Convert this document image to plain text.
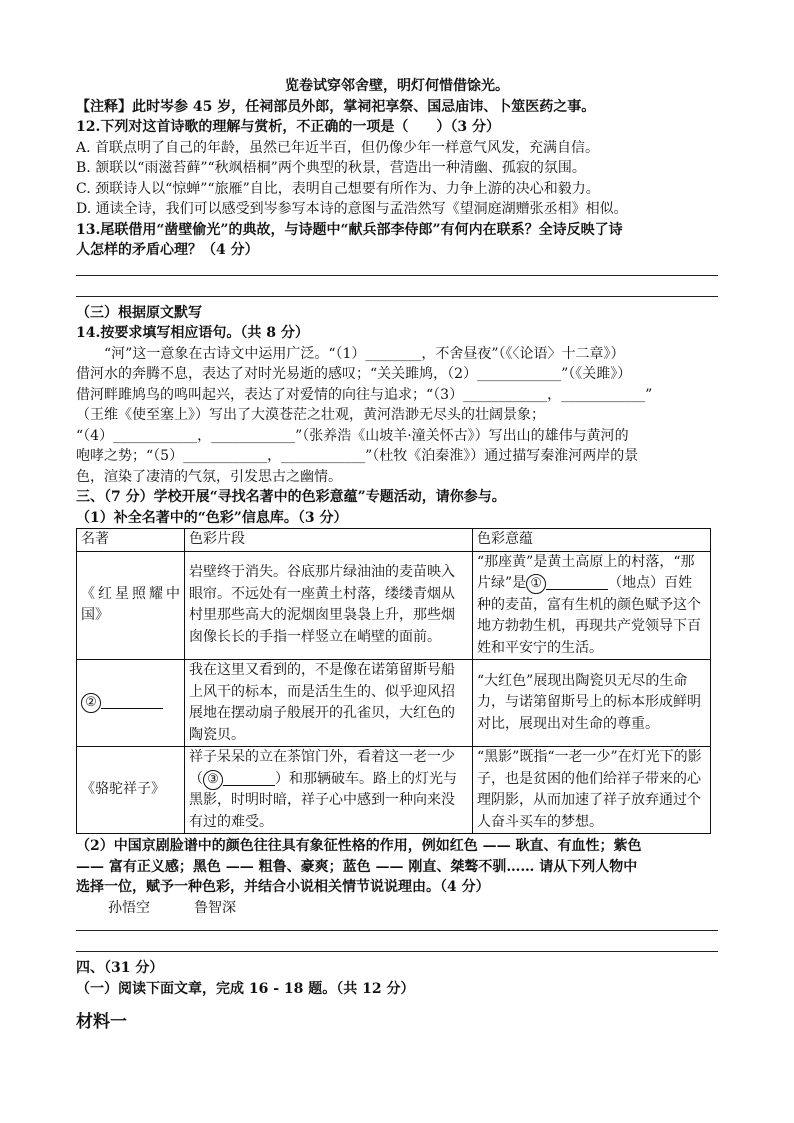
览卷试穿邻舍壁，明灯何惜借馀光。

【注释】此时岑参 45 岁，任祠部员外郎，掌祠祀享祭、国忌庙讳、卜筮医药之事。

12.下列对这首诗歌的理解与赏析，不正确的一项是（　　）（3 分）

A. 首联点明了自己的年龄，虽然已年近半百，但仍像少年一样意气风发，充满自信。

B. 颔联以“雨滋苔藓”“秋飒梧桐”两个典型的秋景，营造出一种清幽、孤寂的氛围。

C. 颈联诗人以“惊蝉”“旅雁”自比，表明自己想要有所作为、力争上游的决心和毅力。

D. 通读全诗，我们可以感受到岑参写本诗的意图与孟浩然写《望洞庭湖赠张丞相》相似。

13.尾联借用“凿壁偷光”的典故，与诗题中“献兵部李侍郎”有何内在联系？全诗反映了诗

人怎样的矛盾心理？（4 分）

（三）根据原文默写

14.按要求填写相应语句。（共 8 分）

“河”这一意象在古诗文中运用广泛。“（1）________，不舍昼夜”（《〈论语〉十二章》）

借河水的奔腾不息，表达了对时光易逝的感叹；“关关雎鸠，（2）____________”（《关雎》）

借河畔雎鸠鸟的鸣叫起兴，表达了对爱情的向往与追求；“（3）____________，____________”

（王维《使至塞上》）写出了大漠苍茫之壮观，黄河浩渺无尽头的壮阔景象；

“（4）____________，____________”（张养浩《山坡羊·潼关怀古》）写出山的雄伟与黄河的

咆哮之势；“（5）____________，____________”（杜牧《泊秦淮》）通过描写秦淮河两岸的景

色，渲染了凄清的气氛，引发思古之幽情。

三、（7 分）学校开展“寻找名著中的色彩意蕴”专题活动，请你参与。

（1）补全名著中的“色彩”信息库。（3 分）

名著	色彩片段	色彩意蕴
《红星照耀中国》	岩壁终于消失。谷底那片绿油油的麦苗映入眼帘。不远处有一座黄土村落，缕缕青烟从村里那些高大的泥烟囱里袅袅上升，那些烟囱像长长的手指一样竖立在峭壁的面前。	“那座黄”是黄土高原上的村落，“那片绿”是 ① （地点）百姓种的麦苗，富有生机的颜色赋予这个地方勃勃生机，再现共产党领导下百姓和平安宁的生活。
②	我在这里又看到的，不是像在诺第留斯号船上风干的标本，而是活生生的、似乎迎风招展地在摆动扇子般展开的孔雀贝，大红色的陶瓷贝。	“大红色”展现出陶瓷贝无尽的生命力，与诺第留斯号上的标本形成鲜明对比，展现出对生命的尊重。
《骆驼祥子》	祥子呆呆的立在茶馆门外，看着这一老一少（ ③ ）和那辆破车。路上的灯光与黑影，时明时暗，祥子心中感到一种向来没有过的难受。	“黑影”既指“一老一少”在灯光下的影子，也是贫困的他们给祥子带来的心理阴影，从而加速了祥子放弃通过个人奋斗买车的梦想。

（2）中国京剧脸谱中的颜色往往具有象征性格的作用，例如红色 —— 耿直、有血性；紫色

—— 富有正义感；黑色 —— 粗鲁、豪爽；蓝色 —— 刚直、桀骜不驯…… 请从下列人物中

选择一位，赋予一种色彩，并结合小说相关情节说说理由。（4 分）

孙悟空	鲁智深

四、（31 分）

（一）阅读下面文章，完成 16 - 18 题。（共 12 分）

材料一
